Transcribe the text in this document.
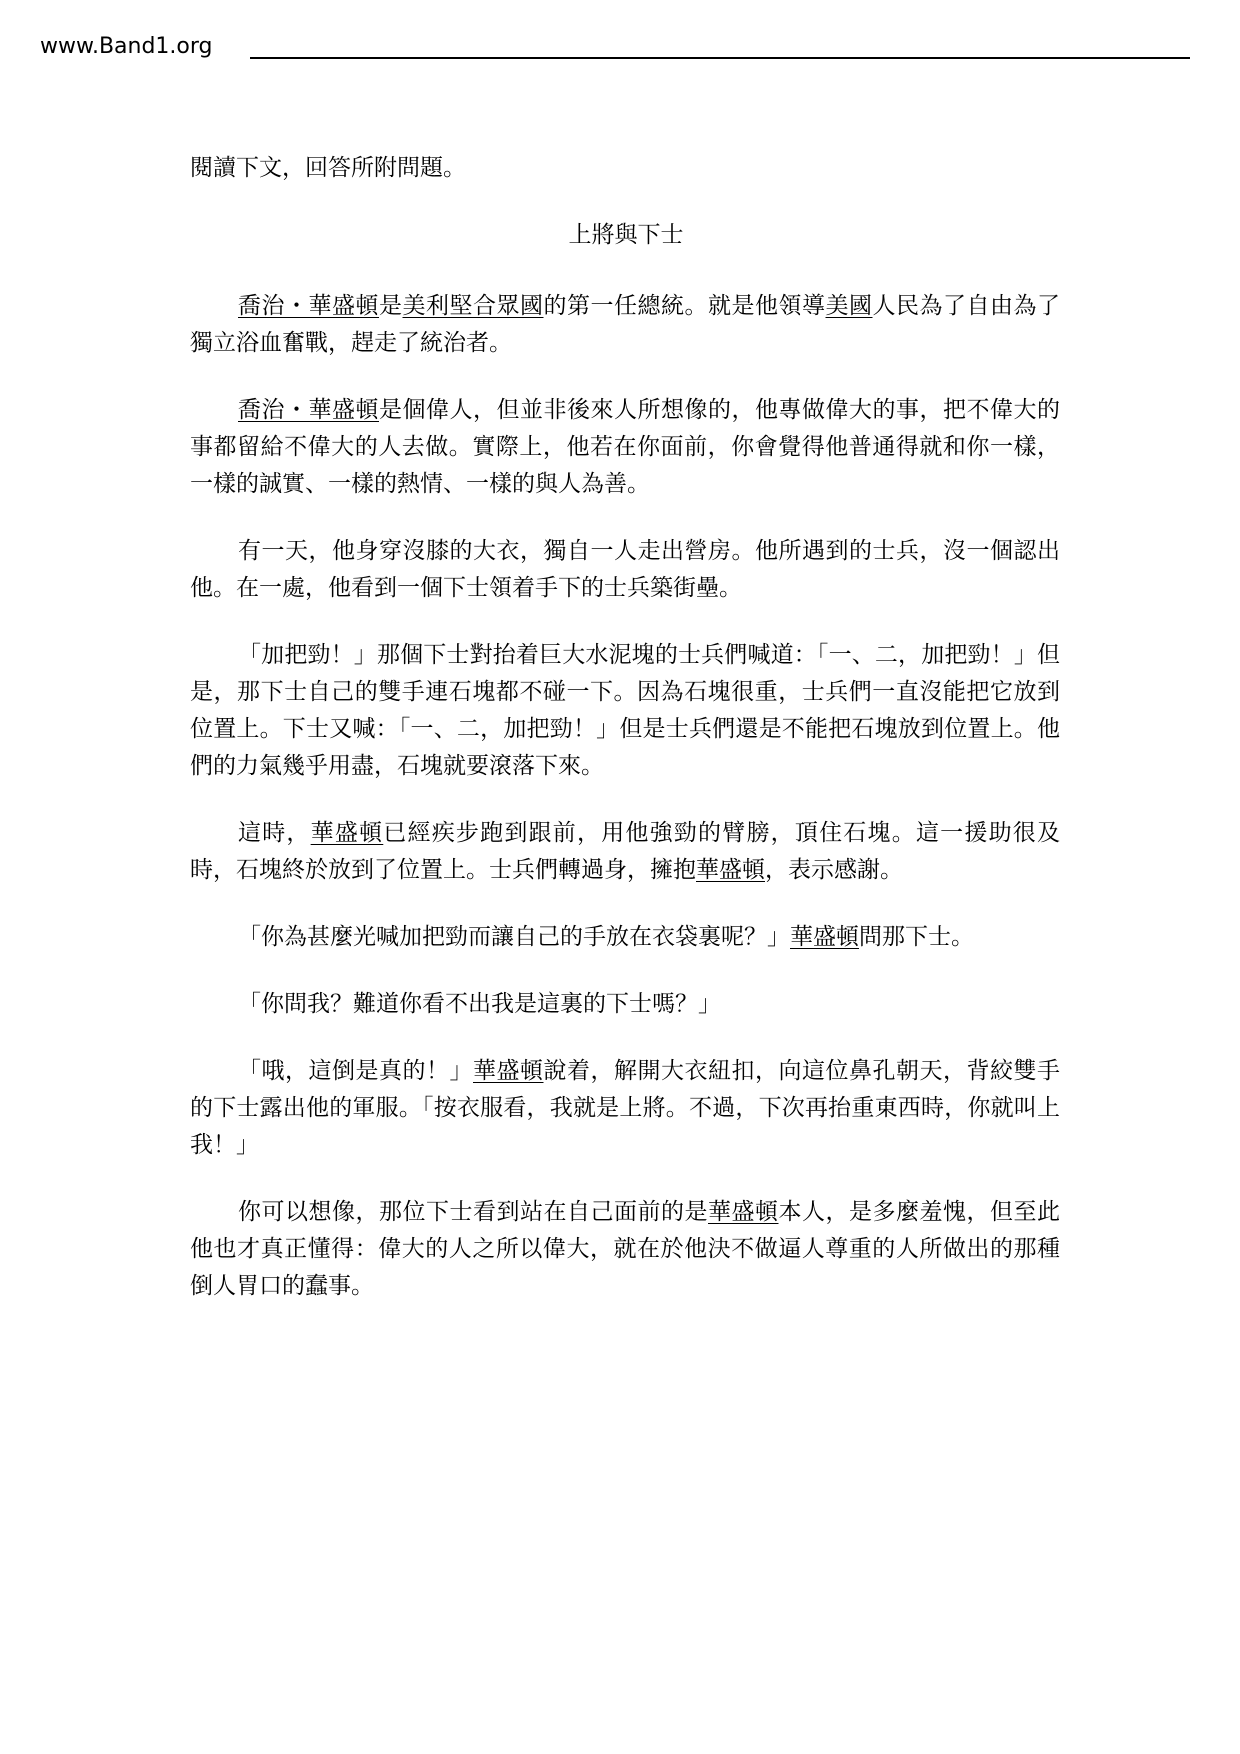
www.Band1.org

閱讀下文，回答所附問題。

上將與下士

喬治・華盛頓是美利堅合眾國的第一任總統。就是他領導美國人民為了自由為了獨立浴血奮戰，趕走了統治者。

喬治・華盛頓是個偉人，但並非後來人所想像的，他專做偉大的事，把不偉大的事都留給不偉大的人去做。實際上，他若在你面前，你會覺得他普通得就和你一樣，一樣的誠實、一樣的熱情、一樣的與人為善。

有一天，他身穿沒膝的大衣，獨自一人走出營房。他所遇到的士兵，沒一個認出他。在一處，他看到一個下士領着手下的士兵築街壘。

「加把勁！」那個下士對抬着巨大水泥塊的士兵們喊道：「一、二，加把勁！」但是，那下士自己的雙手連石塊都不碰一下。因為石塊很重，士兵們一直沒能把它放到位置上。下士又喊：「一、二，加把勁！」但是士兵們還是不能把石塊放到位置上。他們的力氣幾乎用盡，石塊就要滾落下來。

這時，華盛頓已經疾步跑到跟前，用他強勁的臂膀，頂住石塊。這一援助很及時，石塊終於放到了位置上。士兵們轉過身，擁抱華盛頓，表示感謝。

「你為甚麼光喊加把勁而讓自己的手放在衣袋裏呢？」華盛頓問那下士。

「你問我？難道你看不出我是這裏的下士嗎？」

「哦，這倒是真的！」華盛頓說着，解開大衣紐扣，向這位鼻孔朝天，背絞雙手的下士露出他的軍服。「按衣服看，我就是上將。不過，下次再抬重東西時，你就叫上我！」

你可以想像，那位下士看到站在自己面前的是華盛頓本人，是多麼羞愧，但至此他也才真正懂得：偉大的人之所以偉大，就在於他決不做逼人尊重的人所做出的那種倒人胃口的蠢事。
